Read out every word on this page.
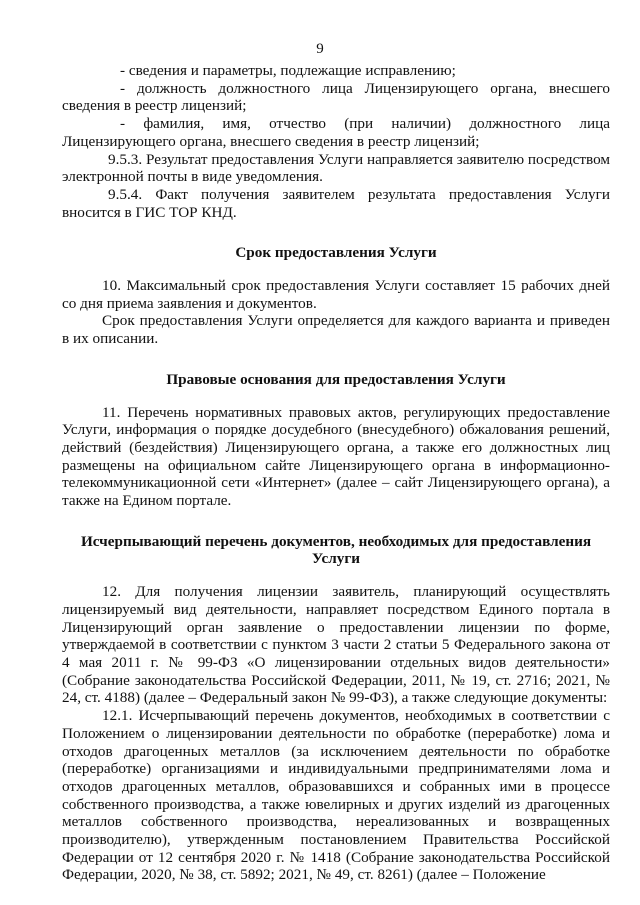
9

- сведения и параметры, подлежащие исправлению;

- должность должностного лица Лицензирующего органа, внесшего сведения в реестр лицензий;

- фамилия, имя, отчество (при наличии) должностного лица Лицензирующего органа, внесшего сведения в реестр лицензий;

9.5.3. Результат предоставления Услуги направляется заявителю посредством электронной почты в виде уведомления.

9.5.4. Факт получения заявителем результата предоставления Услуги вносится в ГИС ТОР КНД.

Срок предоставления Услуги

10. Максимальный срок предоставления Услуги составляет 15 рабочих дней со дня приема заявления и документов.

Срок предоставления Услуги определяется для каждого варианта и приведен в их описании.

Правовые основания для предоставления Услуги

11. Перечень нормативных правовых актов, регулирующих предоставление Услуги, информация о порядке досудебного (внесудебного) обжалования решений, действий (бездействия) Лицензирующего органа, а также его должностных лиц размещены на официальном сайте Лицензирующего органа в информационно-телекоммуникационной сети «Интернет» (далее – сайт Лицензирующего органа), а также на Едином портале.

Исчерпывающий перечень документов, необходимых для предоставления
Услуги

12. Для получения лицензии заявитель, планирующий осуществлять лицензируемый вид деятельности, направляет посредством Единого портала в Лицензирующий орган заявление о предоставлении лицензии по форме, утверждаемой в соответствии с пунктом 3 части 2 статьи 5 Федерального закона от 4 мая 2011 г. № 99-ФЗ «О лицензировании отдельных видов деятельности» (Собрание законодательства Российской Федерации, 2011, № 19, ст. 2716; 2021, № 24, ст. 4188) (далее – Федеральный закон № 99-ФЗ), а также следующие документы:

12.1. Исчерпывающий перечень документов, необходимых в соответствии с Положением о лицензировании деятельности по обработке (переработке) лома и отходов драгоценных металлов (за исключением деятельности по обработке (переработке) организациями и индивидуальными предпринимателями лома и отходов драгоценных металлов, образовавшихся и собранных ими в процессе собственного производства, а также ювелирных и других изделий из драгоценных металлов собственного производства, нереализованных и возвращенных производителю), утвержденным постановлением Правительства Российской Федерации от 12 сентября 2020 г. № 1418 (Собрание законодательства Российской Федерации, 2020, № 38, ст. 5892; 2021, № 49, ст. 8261) (далее – Положение
